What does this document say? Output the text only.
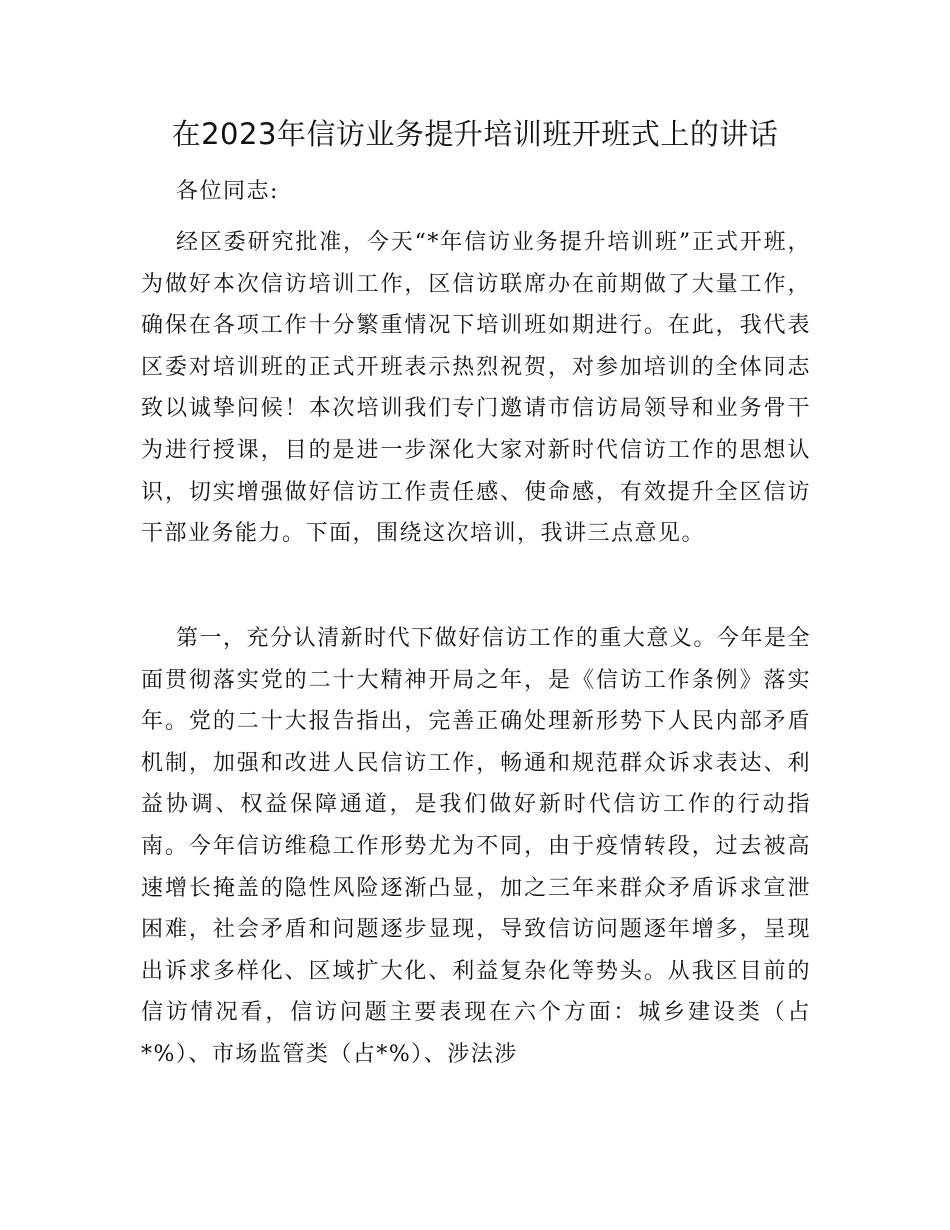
在2023年信访业务提升培训班开班式上的讲话

各位同志:

经区委研究批准，今天“*年信访业务提升培训班”正式开班，为做好本次信访培训工作，区信访联席办在前期做了大量工作，确保在各项工作十分繁重情况下培训班如期进行。在此，我代表区委对培训班的正式开班表示热烈祝贺，对参加培训的全体同志致以诚挚问候！本次培训我们专门邀请市信访局领导和业务骨干为进行授课，目的是进一步深化大家对新时代信访工作的思想认识，切实增强做好信访工作责任感、使命感，有效提升全区信访干部业务能力。下面，围绕这次培训，我讲三点意见。

第一，充分认清新时代下做好信访工作的重大意义。今年是全面贯彻落实党的二十大精神开局之年，是《信访工作条例》落实年。党的二十大报告指出，完善正确处理新形势下人民内部矛盾机制，加强和改进人民信访工作，畅通和规范群众诉求表达、利益协调、权益保障通道，是我们做好新时代信访工作的行动指南。今年信访维稳工作形势尤为不同，由于疫情转段，过去被高速增长掩盖的隐性风险逐渐凸显，加之三年来群众矛盾诉求宣泄困难，社会矛盾和问题逐步显现，导致信访问题逐年增多，呈现出诉求多样化、区域扩大化、利益复杂化等势头。从我区目前的信访情况看，信访问题主要表现在六个方面：城乡建设类（占*%）、市场监管类（占*%）、涉法涉
